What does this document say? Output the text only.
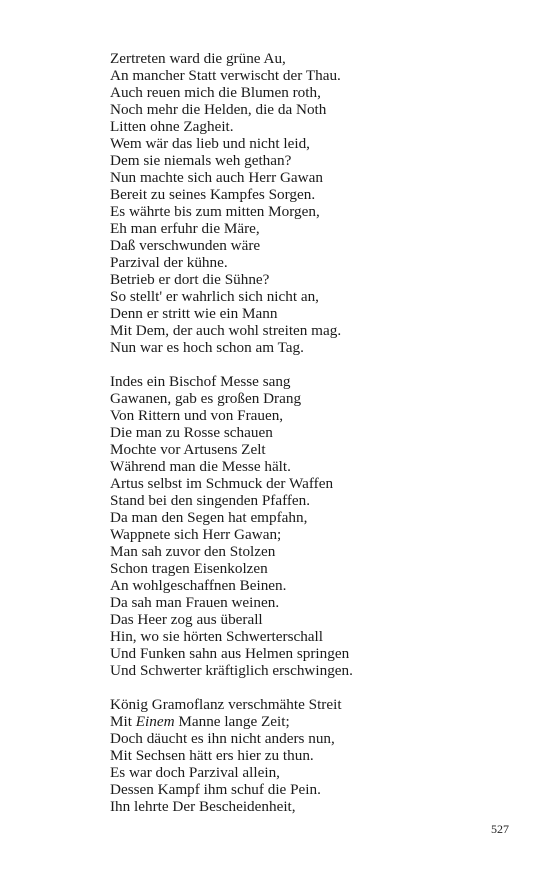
Zertreten ward die grüne Au,
An mancher Statt verwischt der Thau.
Auch reuen mich die Blumen roth,
Noch mehr die Helden, die da Noth
Litten ohne Zagheit.
Wem wär das lieb und nicht leid,
Dem sie niemals weh gethan?
Nun machte sich auch Herr Gawan
Bereit zu seines Kampfes Sorgen.
Es währte bis zum mitten Morgen,
Eh man erfuhr die Märe,
Daß verschwunden wäre
Parzival der kühne.
Betrieb er dort die Sühne?
So stellt' er wahrlich sich nicht an,
Denn er stritt wie ein Mann
Mit Dem, der auch wohl streiten mag.
Nun war es hoch schon am Tag.
Indes ein Bischof Messe sang
Gawanen, gab es großen Drang
Von Rittern und von Frauen,
Die man zu Rosse schauen
Mochte vor Artusens Zelt
Während man die Messe hält.
Artus selbst im Schmuck der Waffen
Stand bei den singenden Pfaffen.
Da man den Segen hat empfahn,
Wappnete sich Herr Gawan;
Man sah zuvor den Stolzen
Schon tragen Eisenkolzen
An wohlgeschaffnen Beinen.
Da sah man Frauen weinen.
Das Heer zog aus überall
Hin, wo sie hörten Schwerterschall
Und Funken sahn aus Helmen springen
Und Schwerter kräftiglich erschwingen.
König Gramoflanz verschmähte Streit
Mit Einem Manne lange Zeit;
Doch däucht es ihn nicht anders nun,
Mit Sechsen hätt ers hier zu thun.
Es war doch Parzival allein,
Dessen Kampf ihm schuf die Pein.
Ihn lehrte Der Bescheidenheit,
527
